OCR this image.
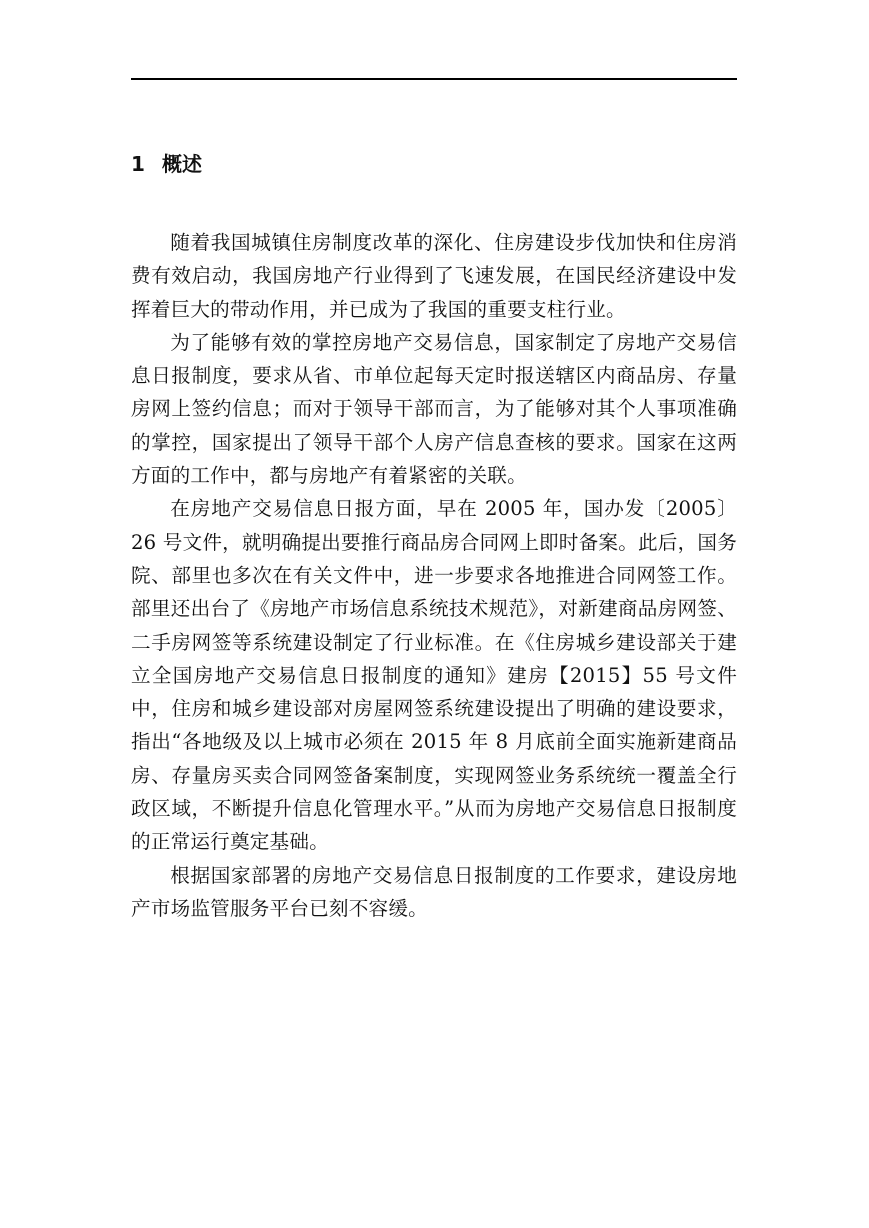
1 概述

随着我国城镇住房制度改革的深化、住房建设步伐加快和住房消费有效启动，我国房地产行业得到了飞速发展，在国民经济建设中发挥着巨大的带动作用，并已成为了我国的重要支柱行业。

为了能够有效的掌控房地产交易信息，国家制定了房地产交易信息日报制度，要求从省、市单位起每天定时报送辖区内商品房、存量房网上签约信息；而对于领导干部而言，为了能够对其个人事项准确的掌控，国家提出了领导干部个人房产信息查核的要求。国家在这两方面的工作中，都与房地产有着紧密的关联。

在房地产交易信息日报方面，早在 2005 年，国办发〔2005〕26 号文件，就明确提出要推行商品房合同网上即时备案。此后，国务院、部里也多次在有关文件中，进一步要求各地推进合同网签工作。部里还出台了《房地产市场信息系统技术规范》，对新建商品房网签、二手房网签等系统建设制定了行业标准。在《住房城乡建设部关于建立全国房地产交易信息日报制度的通知》建房【2015】55 号文件中，住房和城乡建设部对房屋网签系统建设提出了明确的建设要求，指出“各地级及以上城市必须在 2015 年 8 月底前全面实施新建商品房、存量房买卖合同网签备案制度，实现网签业务系统统一覆盖全行政区域，不断提升信息化管理水平。”从而为房地产交易信息日报制度的正常运行奠定基础。

根据国家部署的房地产交易信息日报制度的工作要求，建设房地产市场监管服务平台已刻不容缓。
